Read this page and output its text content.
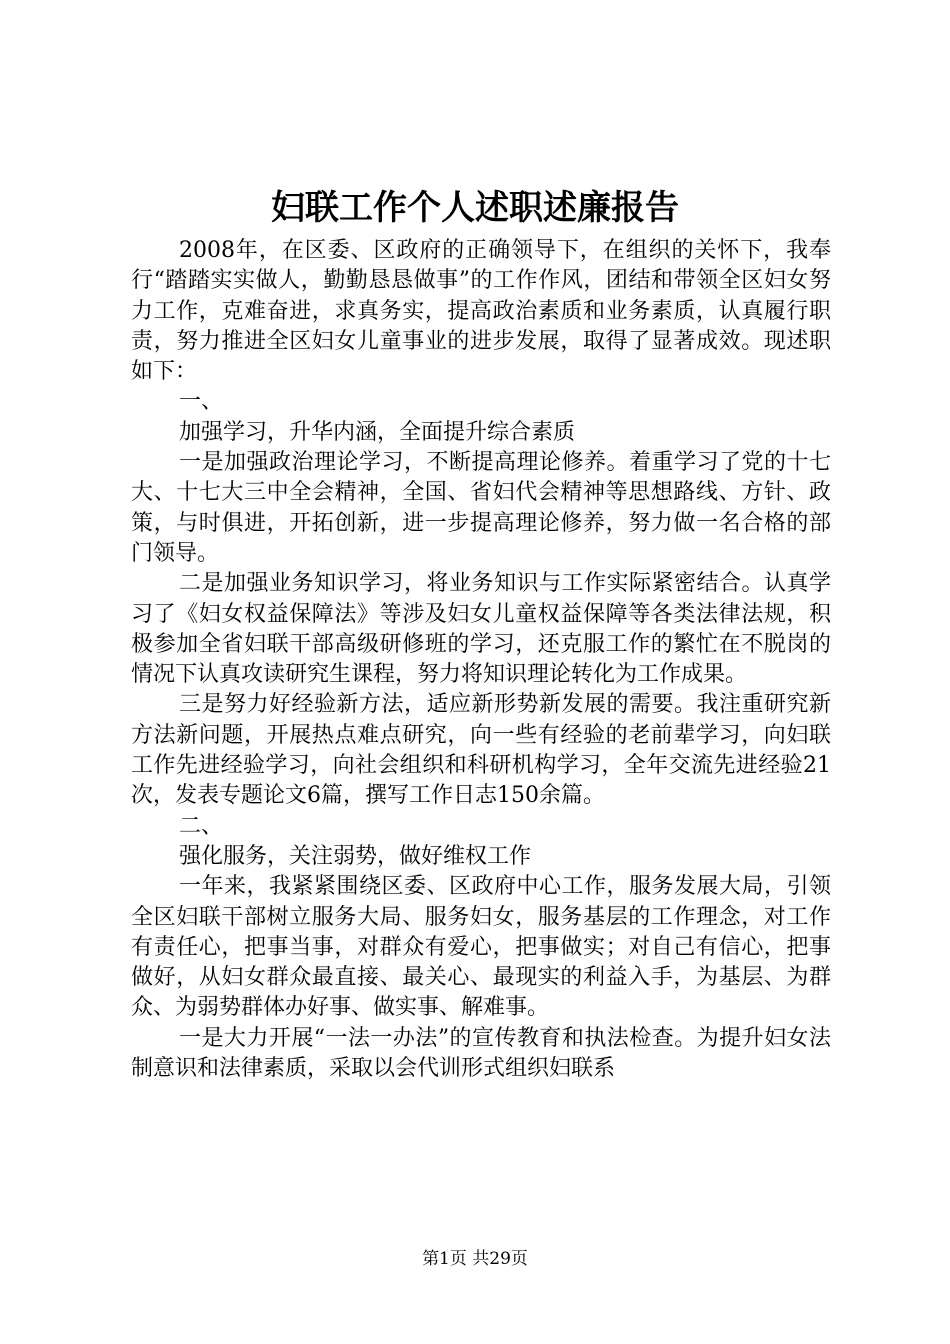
妇联工作个人述职述廉报告

2008年，在区委、区政府的正确领导下，在组织的关怀下，我奉行“踏踏实实做人，勤勤恳恳做事”的工作作风，团结和带领全区妇女努力工作，克难奋进，求真务实，提高政治素质和业务素质，认真履行职责，努力推进全区妇女儿童事业的进步发展，取得了显著成效。现述职如下：

一、

加强学习，升华内涵，全面提升综合素质

一是加强政治理论学习，不断提高理论修养。着重学习了党的十七大、十七大三中全会精神，全国、省妇代会精神等思想路线、方针、政策，与时俱进，开拓创新，进一步提高理论修养，努力做一名合格的部门领导。

二是加强业务知识学习，将业务知识与工作实际紧密结合。认真学习了《妇女权益保障法》等涉及妇女儿童权益保障等各类法律法规，积极参加全省妇联干部高级研修班的学习，还克服工作的繁忙在不脱岗的情况下认真攻读研究生课程，努力将知识理论转化为工作成果。

三是努力好经验新方法，适应新形势新发展的需要。我注重研究新方法新问题，开展热点难点研究，向一些有经验的老前辈学习，向妇联工作先进经验学习，向社会组织和科研机构学习，全年交流先进经验21次，发表专题论文6篇，撰写工作日志150余篇。

二、

强化服务，关注弱势，做好维权工作

一年来，我紧紧围绕区委、区政府中心工作，服务发展大局，引领全区妇联干部树立服务大局、服务妇女，服务基层的工作理念，对工作有责任心，把事当事，对群众有爱心，把事做实；对自己有信心，把事做好，从妇女群众最直接、最关心、最现实的利益入手，为基层、为群众、为弱势群体办好事、做实事、解难事。

一是大力开展“一法一办法”的宣传教育和执法检查。为提升妇女法制意识和法律素质，采取以会代训形式组织妇联系

第1页 共29页
